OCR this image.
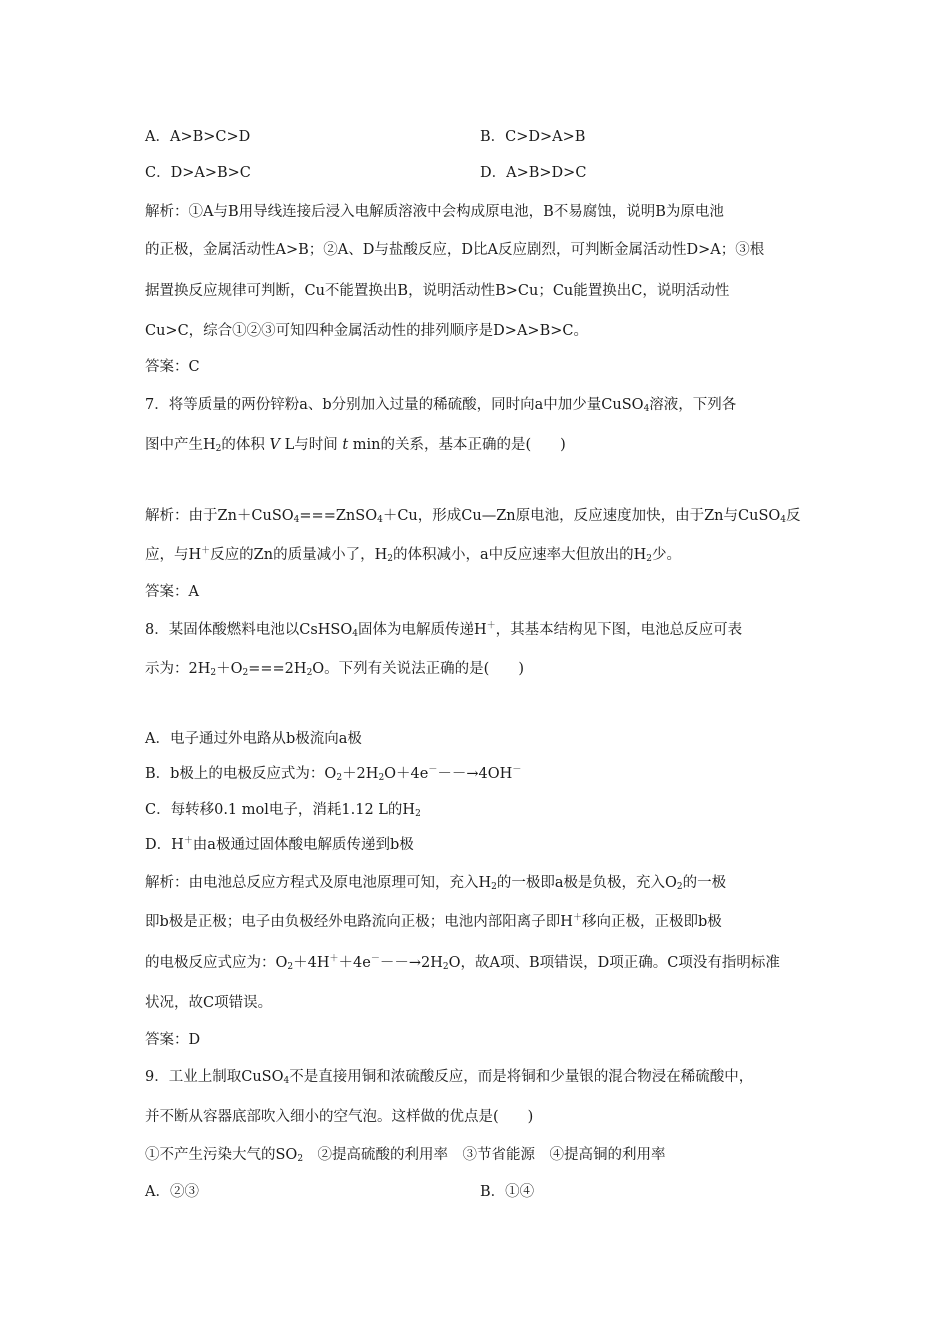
A．A>B>C>D	B．C>D>A>B
C．D>A>B>C	D．A>B>D>C
解析：①A与B用导线连接后浸入电解质溶液中会构成原电池，B不易腐蚀，说明B为原电池
的正极，金属活动性A>B；②A、D与盐酸反应，D比A反应剧烈，可判断金属活动性D>A；③根
据置换反应规律可判断，Cu不能置换出B，说明活动性B>Cu；Cu能置换出C，说明活动性
Cu>C，综合①②③可知四种金属活动性的排列顺序是D>A>B>C。
答案：C
7．将等质量的两份锌粉a、b分别加入过量的稀硫酸，同时向a中加少量CuSO$_4$溶液，下列各
图中产生$H_2$的体积 V L与时间 t min的关系，基本正确的是(　　)
解析：由于Zn＋CuSO$_4$===ZnSO$_4$＋Cu，形成Cu—Zn原电池，反应速度加快，由于Zn与CuSO$_4$反
应，与H＋反应的Zn的质量减小了，$H_2$的体积减小，a中反应速率大但放出的$H_2$少。
答案：A
8．某固体酸燃料电池以CsHSO$_4$固体为电解质传递H＋，其基本结构见下图，电池总反应可表
示为：$2H_2+O_2===2H_2O$。下列有关说法正确的是(　　)
A．电子通过外电路从b极流向a极
B．b极上的电极反应式为：$O_2+2H_2O+4e^---\to 4OH^-$
C．每转移0.1 mol电子，消耗1.12 L的$H_2$
D．H＋由a极通过固体酸电解质传递到b极
解析：由电池总反应方程式及原电池原理可知，充入$H_2$的一极即a极是负极，充入$O_2$的一极
即b极是正极；电子由负极经外电路流向正极；电池内部阳离子即H＋移向正极，正极即b极
的电极反应式应为：$O_2+4H^++4e^---\to 2H_2O$，故A项、B项错误，D项正确。C项没有指明标准
状况，故C项错误。
答案：D
9．工业上制取CuSO$_4$不是直接用铜和浓硫酸反应，而是将铜和少量银的混合物浸在稀硫酸中，
并不断从容器底部吹入细小的空气泡。这样做的优点是(　　)
①不产生污染大气的$SO_2$　②提高硫酸的利用率　③节省能源　④提高铜的利用率
A．②③	B．①④
